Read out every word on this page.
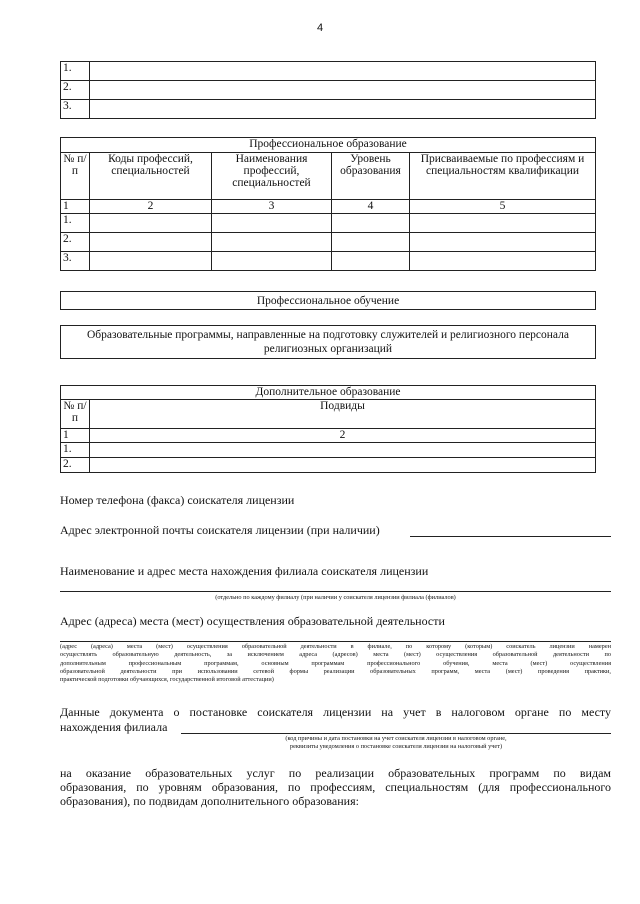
4
1.	
2.	
3.	
Профессиональное образование				
№ п/п	Коды профессий, специальностей	Наименования профессий, специальностей	Уровень образования	Присваиваемые по профессиям и специальностям квалификации
1	2	3	4	5
1.				
2.				
3.				
Профессиональное обучение
Образовательные программы, направленные на подготовку служителей и религиозного персонала религиозных организаций
Дополнительное образование	
№ п/п	Подвиды
1	2
1.	
2.	
Номер телефона (факса) соискателя лицензии
Адрес электронной почты соискателя лицензии (при наличии)
Наименование и адрес места нахождения филиала соискателя лицензии
(отдельно по каждому филиалу (при наличии у соискателя лицензии филиала (филиалов)
Адрес (адреса) места (мест) осуществления образовательной деятельности
(адрес (адреса) места (мест) осуществления образовательной деятельности в филиале, по которому (которым) соискатель лицензии намерен
осуществлять образовательную деятельность, за исключением адреса (адресов) места (мест) осуществления образовательной деятельности по
дополнительным профессиональным программам, основным программам профессионального обучения, места (мест) осуществления
образовательной деятельности при использовании сетевой формы реализации образовательных программ, места (мест) проведения практики,
практической подготовки обучающихся, государственной итоговой аттестации)
Данные документа о постановке соискателя лицензии на учет в налоговом органе по месту
нахождения филиала
(код причины и дата постановки на учет соискателя лицензии в налоговом органе,
реквизиты уведомления о постановке соискателя лицензии на налоговый учет)
на оказание образовательных услуг по реализации образовательных программ по видам
образования, по уровням образования, по профессиям, специальностям (для профессионального
образования), по подвидам дополнительного образования:
